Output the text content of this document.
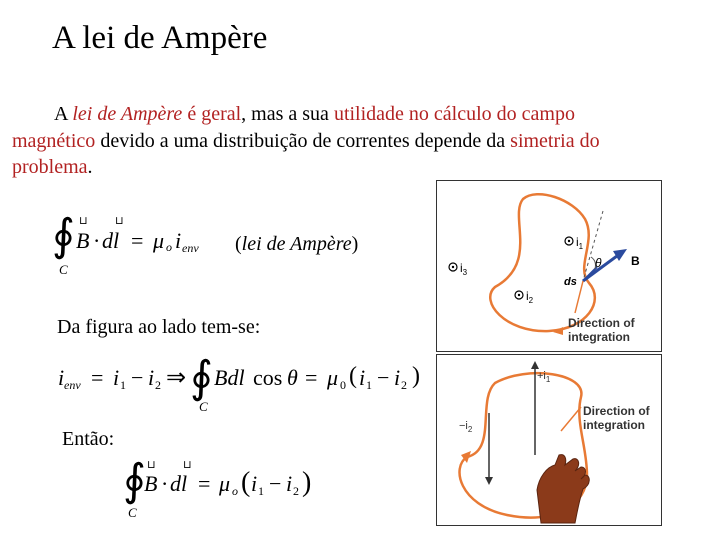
A lei de Ampère
A lei de Ampère é geral, mas a sua utilidade no cálculo do campo magnético devido a uma distribuição de correntes depende da simetria do problema.
∮ ⊔ ⊔
B · dl = μ o i env
C
(lei de Ampère)
Da figura ao lado tem-se:
i env = i 1 − i 2 ⇒ ∮ Bdl cos θ = μ 0 ( i 1 − i 2 )
C
Então:
∮ ⊔ ⊔
B · dl = μ o ( i 1 − i 2 )
C
$i_1$
$i_2$
$i_3$
θ B
ds
Direction of
integration
$+i_1$
$-i_2$
Direction of
integration
